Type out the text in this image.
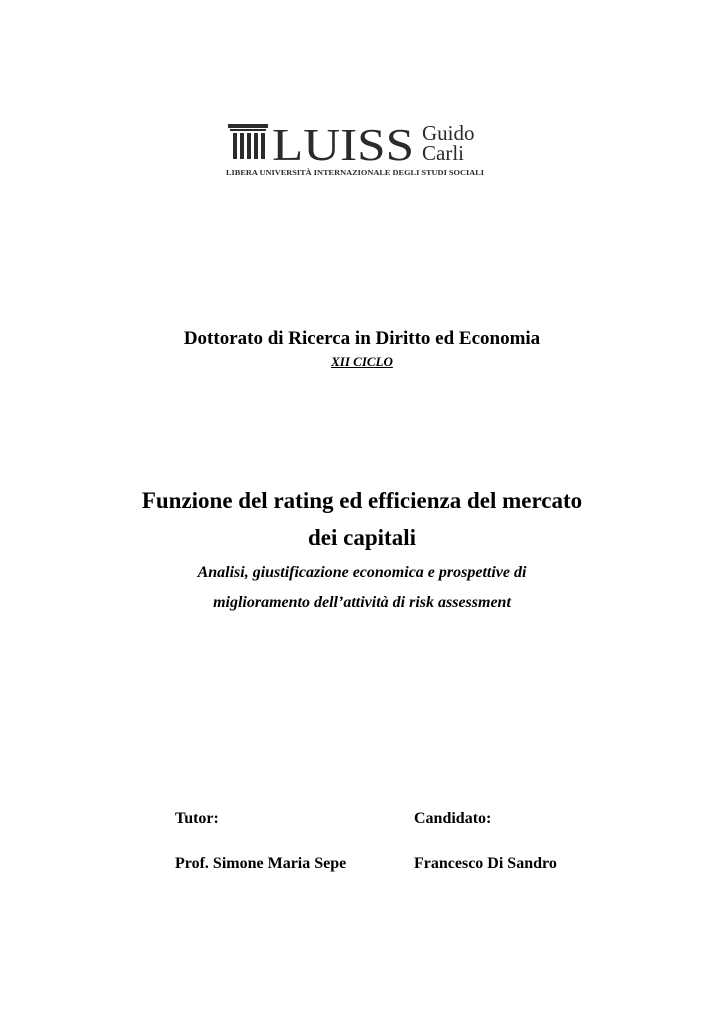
LUISS Guido
Carli
LIBERA UNIVERSITÀ INTERNAZIONALE DEGLI STUDI SOCIALI
Dottorato di Ricerca in Diritto ed Economia
XII CICLO
Funzione del rating ed efficienza del mercato
dei capitali
Analisi, giustificazione economica e prospettive di
miglioramento dell’attività di risk assessment
Tutor:	Candidato:
Prof. Simone Maria Sepe	Francesco Di Sandro
